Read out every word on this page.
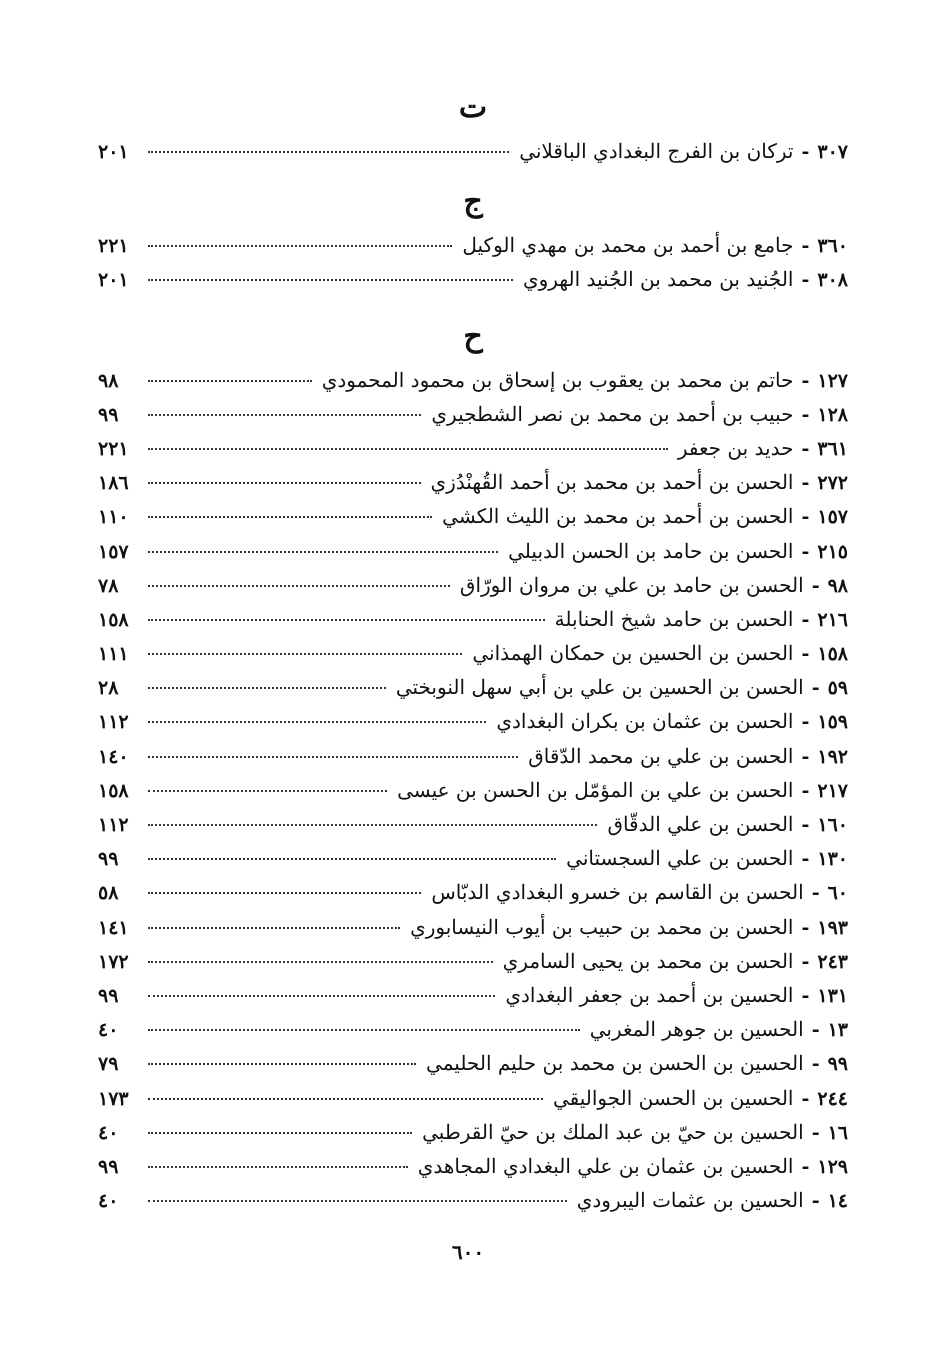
ت
٣٠٧
-
تركان بن الفرج البغدادي الباقلاني
٢٠١
ج
٣٦٠
-
جامع بن أحمد بن محمد بن مهدي الوكيل
٢٢١
٣٠٨
-
الجُنيد بن محمد بن الجُنيد الهروي
٢٠١
ح
١٢٧
-
حاتم بن محمد بن يعقوب بن إسحاق بن محمود المحمودي
٩٨
١٢٨
-
حبيب بن أحمد بن محمد بن نصر الشطجيري
٩٩
٣٦١
-
حديد بن جعفر
٢٢١
٢٧٢
-
الحسن بن أحمد بن محمد بن أحمد القُهنْدُزي
١٨٦
١٥٧
-
الحسن بن أحمد بن محمد بن الليث الكشي
١١٠
٢١٥
-
الحسن بن حامد بن الحسن الدبيلي
١٥٧
٩٨
-
الحسن بن حامد بن علي بن مروان الورّاق
٧٨
٢١٦
-
الحسن بن حامد شيخ الحنابلة
١٥٨
١٥٨
-
الحسن بن الحسين بن حمكان الهمذاني
١١١
٥٩
-
الحسن بن الحسين بن علي بن أبي سهل النوبختي
٢٨
١٥٩
-
الحسن بن عثمان بن بكران البغدادي
١١٢
١٩٢
-
الحسن بن علي بن محمد الدّقاق
١٤٠
٢١٧
-
الحسن بن علي بن المؤمّل بن الحسن بن عيسى
١٥٨
١٦٠
-
الحسن بن علي الدقّاق
١١٢
١٣٠
-
الحسن بن علي السجستاني
٩٩
٦٠
-
الحسن بن القاسم بن خسرو البغدادي الدبّاس
٥٨
١٩٣
-
الحسن بن محمد بن حبيب بن أيوب النيسابوري
١٤١
٢٤٣
-
الحسن بن محمد بن يحيى السامري
١٧٢
١٣١
-
الحسين بن أحمد بن جعفر البغدادي
٩٩
١٣
-
الحسين بن جوهر المغربي
٤٠
٩٩
-
الحسين بن الحسن بن محمد بن حليم الحليمي
٧٩
٢٤٤
-
الحسين بن الحسن الجواليقي
١٧٣
١٦
-
الحسين بن حيّ بن عبد الملك بن حيّ القرطبي
٤٠
١٢٩
-
الحسين بن عثمان بن علي البغدادي المجاهدي
٩٩
١٤
-
الحسين بن عثمات اليبرودي
٤٠
٦٠٠
